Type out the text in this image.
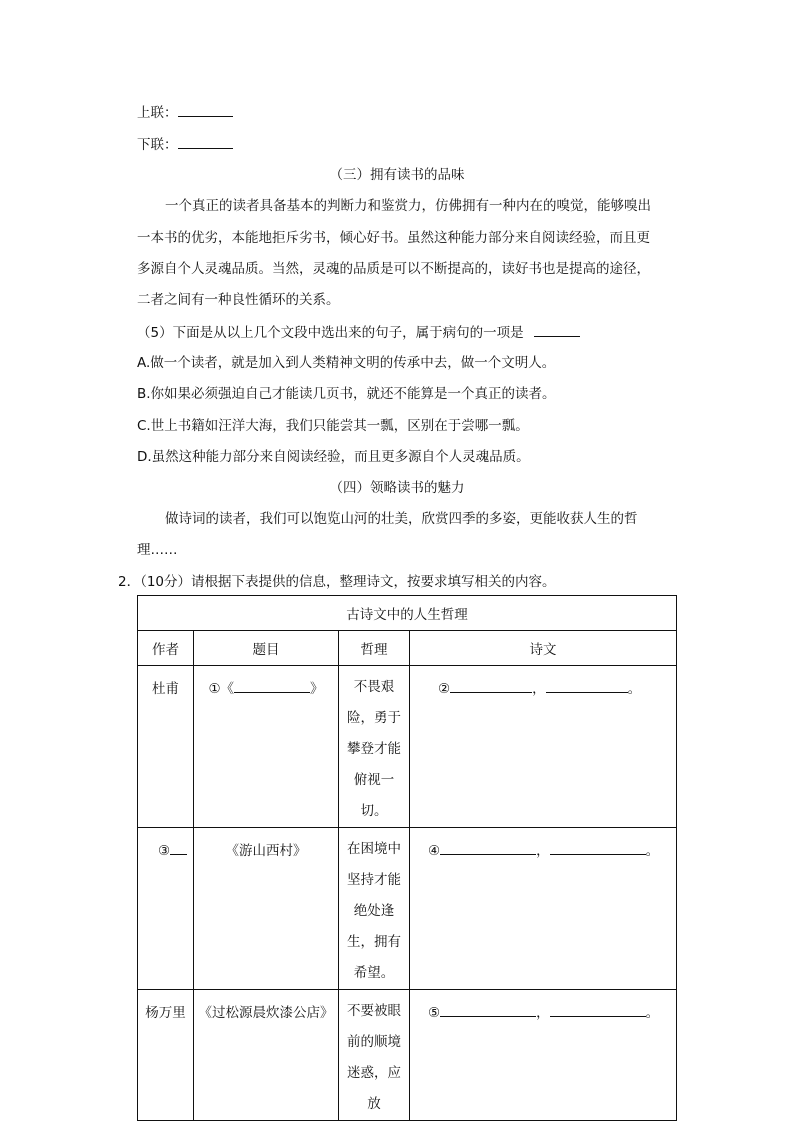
上联：
下联：
（三）拥有读书的品味
一个真正的读者具备基本的判断力和鉴赏力，仿佛拥有一种内在的嗅觉，能够嗅出
一本书的优劣，本能地拒斥劣书，倾心好书。虽然这种能力部分来自阅读经验，而且更
多源自个人灵魂品质。当然，灵魂的品质是可以不断提高的，读好书也是提高的途径，
二者之间有一种良性循环的关系。
（5）下面是从以上几个文段中选出来的句子，属于病句的一项是
A.做一个读者，就是加入到人类精神文明的传承中去，做一个文明人。
B.你如果必须强迫自己才能读几页书，就还不能算是一个真正的读者。
C.世上书籍如汪洋大海，我们只能尝其一瓢，区别在于尝哪一瓢。
D.虽然这种能力部分来自阅读经验，而且更多源自个人灵魂品质。
（四）领略读书的魅力
做诗词的读者，我们可以饱览山河的壮美，欣赏四季的多姿，更能收获人生的哲
理……
2．（10分）请根据下表提供的信息，整理诗文，按要求填写相关的内容。
古诗文中的人生哲理			
作者	题目	哲理	诗文

杜甫	①《 》	不畏艰险，勇于攀登才能俯视一切。	② ， 。

③	《游山西村》	在困境中坚持才能绝处逢生，拥有希望。	④ ， 。

杨万里	《过松源晨炊漆公店》	不要被眼前的顺境迷惑，应放	⑤ ， 。
